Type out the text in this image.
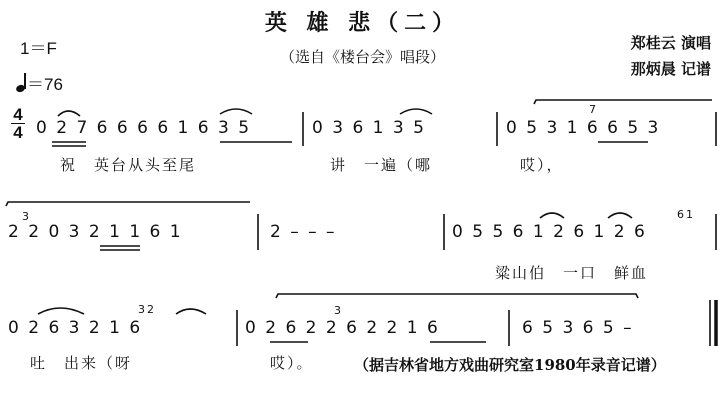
英 雄 悲（二）
（选自《楼台会》唱段）
郑桂云 演唱
那炳晨 记谱
1＝F
＝76
4
4 0 2 7 6 6 6 6 1 6 3 5	0 3 6 1 3 5	0 5 3 1 6 6 5 3
7
祝　英台从头至尾	讲　一遍（哪	哎），
2 2 0 3 2 1 1 6 1	2 – – –	0 5 5 6 1 2 6 1 2 6
3	61
粱山伯　一口　鲜血
0 2 6 3 2 1 6	0 2 6 2 2 6 2 2 1 6	6 5 3 6 5 –
32	3
吐　出来（呀	哎）。	（据吉林省地方戏曲研究室1980年录音记谱）
